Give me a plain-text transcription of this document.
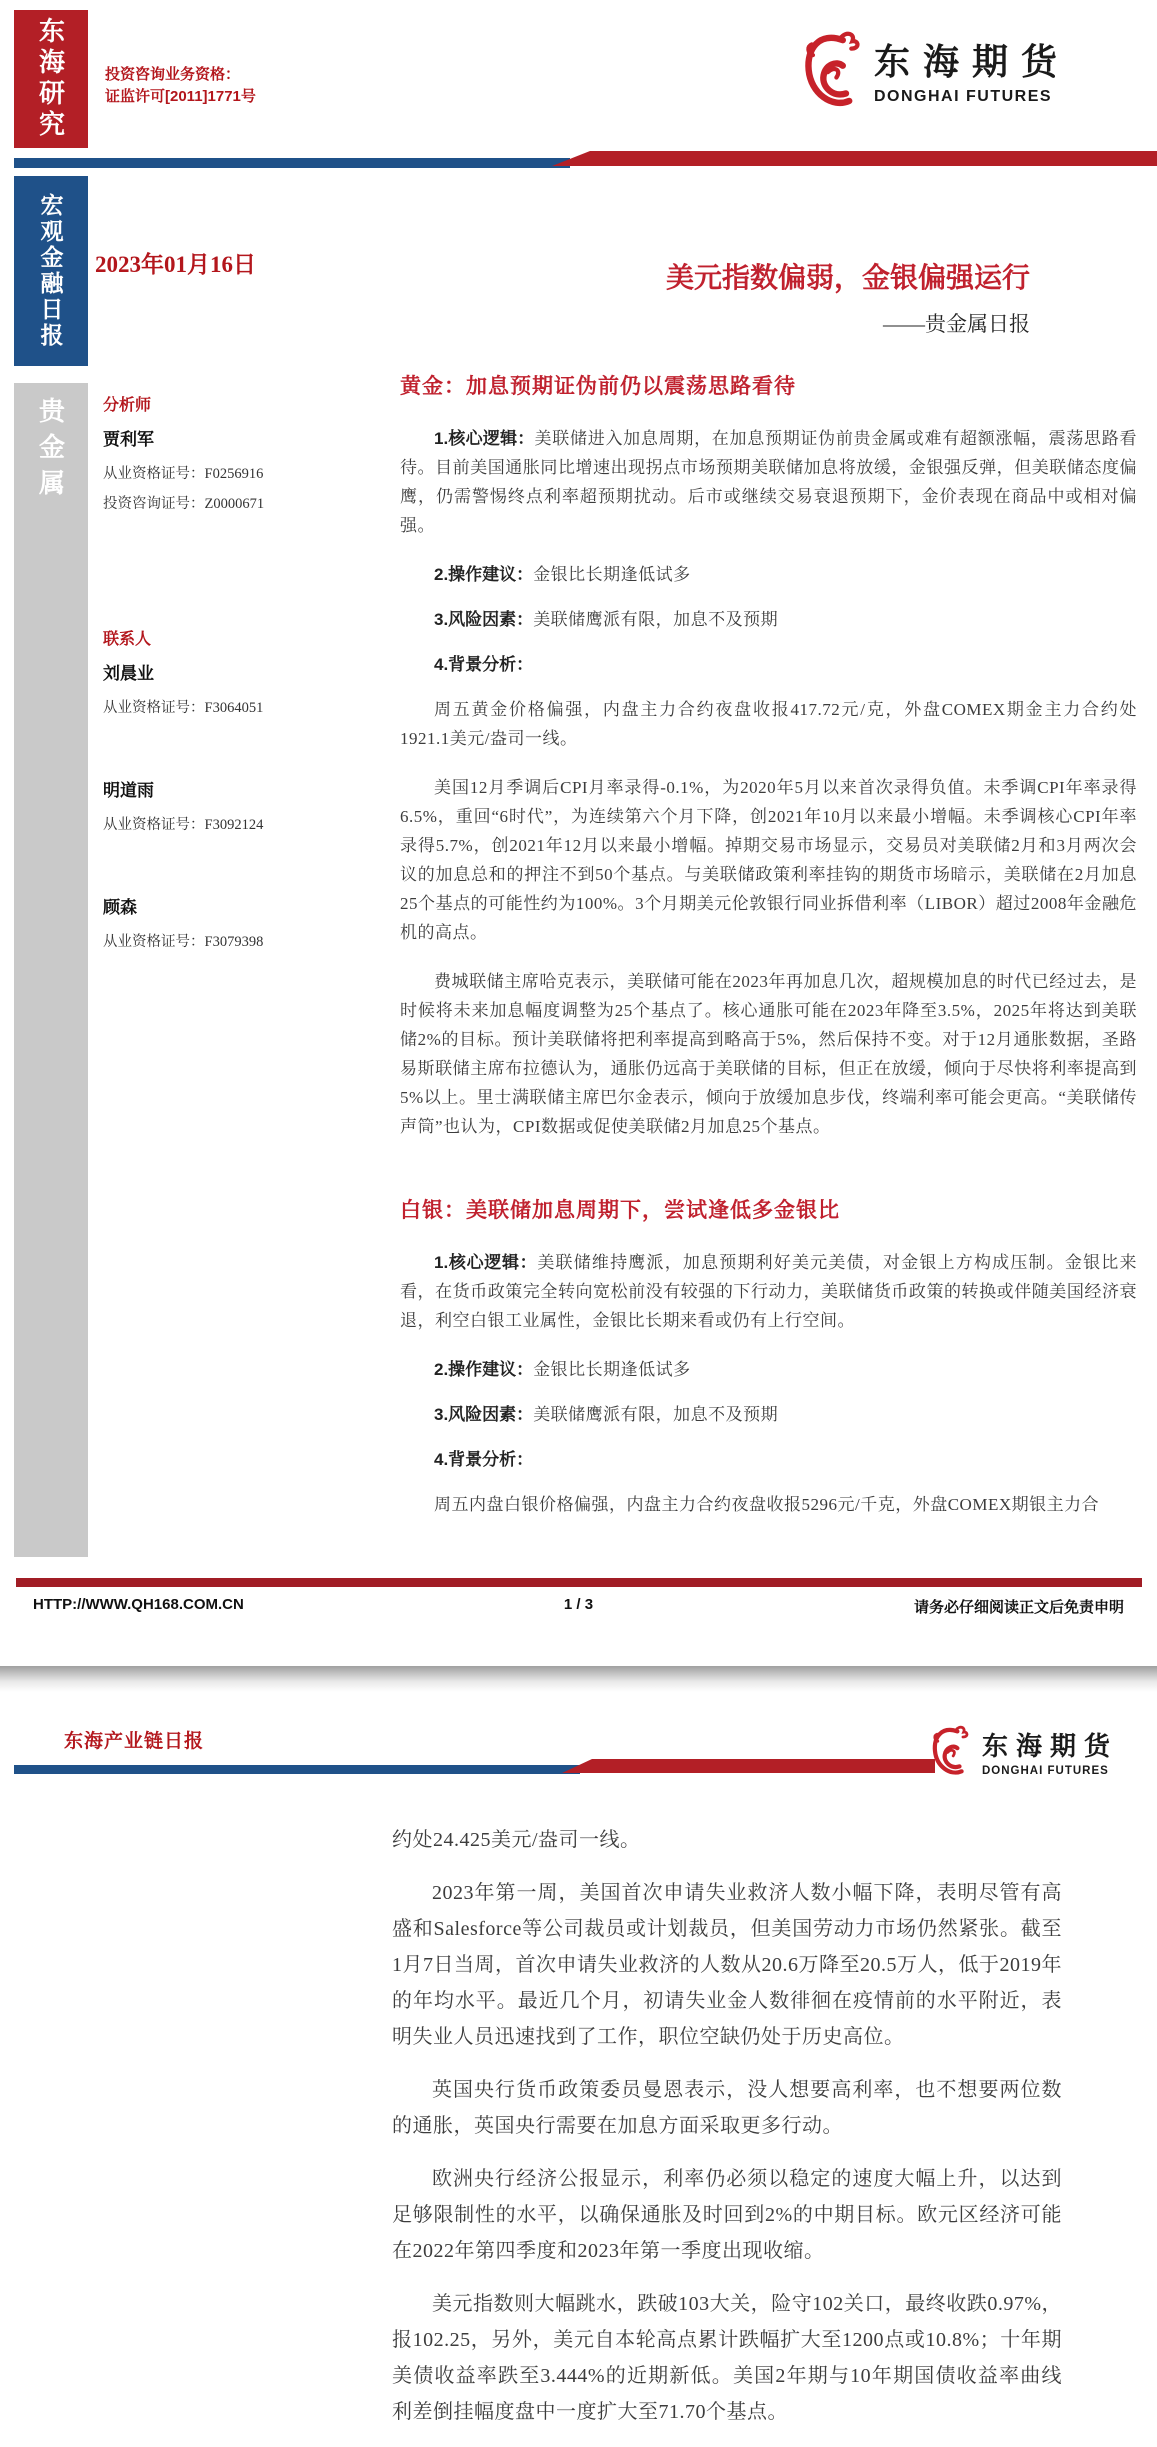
东海研究
宏观金融日报
贵金属
投资咨询业务资格：
证监许可[2011]1771号
东海期货
DONGHAI FUTURES
2023年01月16日	美元指数偏弱，金银偏强运行
——贵金属日报
分析师
贾利军
从业资格证号：F0256916
投资咨询证号：Z0000671
联系人
刘晨业
从业资格证号：F3064051
明道雨
从业资格证号：F3092124
顾森
从业资格证号：F3079398
黄金：加息预期证伪前仍以震荡思路看待

1.核心逻辑：美联储进入加息周期，在加息预期证伪前贵金属或难有超额涨幅，震荡思路看待。目前美国通胀同比增速出现拐点市场预期美联储加息将放缓，金银强反弹，但美联储态度偏鹰，仍需警惕终点利率超预期扰动。后市或继续交易衰退预期下，金价表现在商品中或相对偏强。

2.操作建议：金银比长期逢低试多

3.风险因素：美联储鹰派有限，加息不及预期

4.背景分析：

周五黄金价格偏强，内盘主力合约夜盘收报417.72元/克，外盘COMEX期金主力合约处1921.1美元/盎司一线。

美国12月季调后CPI月率录得-0.1%，为2020年5月以来首次录得负值。未季调CPI年率录得6.5%，重回“6时代”，为连续第六个月下降，创2021年10月以来最小增幅。未季调核心CPI年率录得5.7%，创2021年12月以来最小增幅。掉期交易市场显示，交易员对美联储2月和3月两次会议的加息总和的押注不到50个基点。与美联储政策利率挂钩的期货市场暗示，美联储在2月加息25个基点的可能性约为100%。3个月期美元伦敦银行同业拆借利率（LIBOR）超过2008年金融危机的高点。

费城联储主席哈克表示，美联储可能在2023年再加息几次，超规模加息的时代已经过去，是时候将未来加息幅度调整为25个基点了。核心通胀可能在2023年降至3.5%，2025年将达到美联储2%的目标。预计美联储将把利率提高到略高于5%，然后保持不变。对于12月通胀数据，圣路易斯联储主席布拉德认为，通胀仍远高于美联储的目标，但正在放缓，倾向于尽快将利率提高到5%以上。里士满联储主席巴尔金表示，倾向于放缓加息步伐，终端利率可能会更高。“美联储传声筒”也认为，CPI数据或促使美联储2月加息25个基点。

白银：美联储加息周期下，尝试逢低多金银比

1.核心逻辑：美联储维持鹰派，加息预期利好美元美债，对金银上方构成压制。金银比来看，在货币政策完全转向宽松前没有较强的下行动力，美联储货币政策的转换或伴随美国经济衰退，利空白银工业属性，金银比长期来看或仍有上行空间。

2.操作建议：金银比长期逢低试多

3.风险因素：美联储鹰派有限，加息不及预期

4.背景分析：

周五内盘白银价格偏强，内盘主力合约夜盘收报5296元/千克，外盘COMEX期银主力合

HTTP://WWW.QH168.COM.CN	1 / 3	请务必仔细阅读正文后免责申明
东海产业链日报	东海期货
DONGHAI FUTURES

约处24.425美元/盎司一线。

2023年第一周，美国首次申请失业救济人数小幅下降，表明尽管有高盛和Salesforce等公司裁员或计划裁员，但美国劳动力市场仍然紧张。截至1月7日当周，首次申请失业救济的人数从20.6万降至20.5万人，低于2019年的年均水平。最近几个月，初请失业金人数徘徊在疫情前的水平附近，表明失业人员迅速找到了工作，职位空缺仍处于历史高位。

英国央行货币政策委员曼恩表示，没人想要高利率，也不想要两位数的通胀，英国央行需要在加息方面采取更多行动。

欧洲央行经济公报显示，利率仍必须以稳定的速度大幅上升，以达到足够限制性的水平，以确保通胀及时回到2%的中期目标。欧元区经济可能在2022年第四季度和2023年第一季度出现收缩。

美元指数则大幅跳水，跌破103大关，险守102关口，最终收跌0.97%，报102.25，另外，美元自本轮高点累计跌幅扩大至1200点或10.8%；十年期美债收益率跌至3.444%的近期新低。美国2年期与10年期国债收益率曲线利差倒挂幅度盘中一度扩大至71.70个基点。
